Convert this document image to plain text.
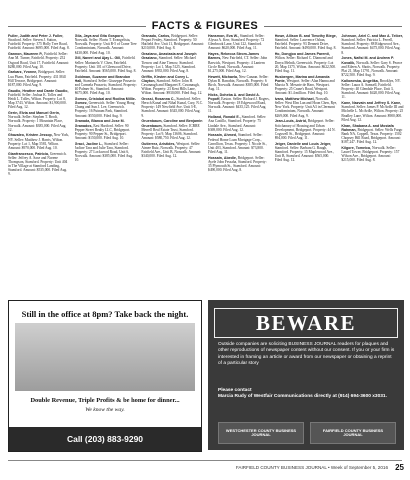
FACTS & FIGURES
Fuller, Judith and Peter J. Fuller, Stratford. Seller: Steven J. Sutton, Fairfield. Property: 375 Holly Tree Road, Fairfield. Amount: $695,000. Filed Aug. 8.
Gannon, Maureen P., Fairfield. Seller: Ann M. Turner, Fairfield. Property: 252 Osgood Road, Unit 17, Fairfield. Amount: $280,000. Filed Aug. 10.
Garbarz, Yvonne, Bridgeport. Seller: Luu Pham, Fairfield. Property: 431 Mill Hill Terrace, Bridgeport. Amount: $187,000. Filed Aug. 9.
Gaudio, Heather and Dante Gaudio, Fairfield. Seller: Joshua K. Tolles and Heidi L. Tolles, Wilton. Property: Lot 8, Map 3743, Wilton. Amount: $1,900,000. Filed Aug. 12.
Gerin, Elvia and Manuel Gerin, Norwalk. Seller: Stephen T. Brodt, Norwalk. Property: 1 Mountain Place, Norwalk. Amount: $385,000. Filed Aug. 12.
Ghazaleo, Kristen Jessop, New York, NY. Seller: Matthew J. Harris, Wilton. Property: Lot 1, Map 5581, Wilton. Amount: $970,000. Filed Aug. 10.
Gianfrancesco, Patricia, Greenwich. Seller: Jeffrey A. Saxe and Norene Thompson, Stamford. Property: Unit 404 in The Village at Stamford Landing, Stamford. Amount: $535,000. Filed Aug. 9.
Gila, Jaya and Gita Gosporo, Norwalk. Seller: Florin T. Evangelista, Norwalk. Property: Unit B-5 of Crane Tree Condominium, Norwalk. Amount: $430,000. Filed Aug. 10.
Gill, Naveri and Ajay L. Gill, Fairfield. Seller: Marianela V. Chen, Fairfield. Property: Unit 101 of Glenwood Drive, Fairfield. Amount: $565,000. Filed Aug. 8.
Goldman, Suzanne and Brandon Hall, Stamford. Seller: Giuseppe Prusavio and Carmela Prusavio, Stamford. Property: 40 Palmer St., Stamford. Amount: $675,000. Filed Aug. 10.
Gomez, Cristobal and Rodina Millie-Gomez, Greenwich. Seller: Young Hong Chung and Sun J. Lee, Greenwich. Property: 16 Putnam Park, Stamford. Amount: $550,000. Filed Aug. 9.
Granada, Blanca and Jose M. Granados, East Hartford. Seller: 90 Pepper Street Realty LLC, Bridgeport. Property: 90 Pepper St., Bridgeport. Amount: $150,000. Filed Aug. 10.
Graci, Jacline L., Stamford. Seller: Jacline Tara and Julie Tara, Stamford. Property: 27 Lockwood Road, Unit 6, Norwalk. Amount: $385,000. Filed Aug. 10.
Granado, Carlos, Bridgeport. Seller: Pequot Fenley, Stamford. Property: 50 Hatfield Ave. Unit 11, Bridgeport. Amount: $210,000. Filed Aug. 8.
Graziano, Anastasia and Joseph Graziano, Stamford. Seller: Michael Tienow and Aine Tienow, Stamford. Property: Lot 1, Map 5125, Stamford. Amount: $935,000. Filed Aug. 8.
Griffin, Kirsten and Corey L. Clayton, Stamford. Seller: John H. Cavanaugh and Margaret E. Cavanaugh, Wilton. Property: 23 Kent Hills Lane, Wilton. Amount: $930,000. Filed Aug. 12.
Grossi, Rosanna C., Stamford. Seller: Hersch Kunal and Nihal Kunal, Cary, N.C. Property: 149 Newfield Ave. Unit 3-E, Stamford. Amount: $345,000. Filed Aug. 9.
Gruenbaum, Caroline and Benjamin Gruenbaum, Stamford. Seller: JCBRE Merrell Real Estate Trust, Stamford. Property: Lot 9, Map 13606, Stamford. Amount: $580,750. Filed Aug. 12.
Gutierrez, Aristides, Westport. Seller: Aimee Ruiz, Norwalk. Property: 47 Fairfield Ave., Unit B, Norwalk. Amount: $340,000. Filed Aug. 12.
Hansmon, Eva W., Stamford. Seller: Alyssa A. Kerr, Stamford. Property: 72 Glenbrook Lane, Unit 122, Stamford. Amount: $620,000. Filed Aug. 11.
Hayes, Rebecca Strom-James Barnes, New Fairfield, CT. Seller: John Barwick, Westport. Property: 4 Lantern Circle Road, Norwalk. Amount: $1,275,000. Filed Aug. 12.
Hewett, Michaela, New Canaan. Seller: Dylan B. Barrabin, Norwalk. Property: 6 Birch, Norwalk. Amount: $385,000. Filed Aug. 11.
Hicks, Doheba A. and David A. Popoff, Easton. Seller: Richard J. Rogers, Norwalk. Property: 18 Edgewood Road, Norwalk. Amount: $435,125. Filed Aug. 11.
Holland, Ronald E., Stamford. Seller: Ana Castillo, Stamford. Property: 75 Lindale Ave., Stamford. Amount: $369,000. Filed Aug. 12.
Hossain, Ahmed, Stamford. Seller: Federal Home Loan Mortgage Corp., Carrollton, Texas. Property: 1 Nicole St., Unit 403, Stamford. Amount: $73,800. Filed Aug. 11.
Hossain, Abedle, Bridgeport. Seller: Ayele John Fessaha, Stamford. Property: 35 Plymouth St., Stamford. Amount: $490,000. Filed Aug. 8.
Howe, Allison B. and Timothy Biege, Stamford. Seller: Lawrence Oshan, Fairfield. Property: 93 Dennett Drive, Fairfield. Amount: $490,000. Filed Aug. 8.
Ho, Dongjoo and James Parenti, Wilton. Seller: Richard C. Diamond and Darya Melnik, Greenwich. Property: Lot 20, Map 1375, Wilton. Amount: $622,500. Filed Aug. 11.
Husbergen, Marina and Amanda Ponte, Westport. Seller: Alan Hanna and Marcia N. Mesarie de Haro, Westport. Property: 25 Crane's Road, Westport. Amount: $1.4 million. Filed Aug. 10.
Ivara, Matthew Michael, Norwalk. Seller: West Elm Lan and Hoon Chen, Rye, New York. Property: Unit A3 in Clermont Condominium, Norwalk. Amount: $269,000. Filed Aug. 9.
Jean-Louis, Astrid, Bridgeport. Seller: Scitchanary of Housing and Urban Development, Bridgeport. Property: 44 N. Cogswell St., Bridgeport. Amount: $94,000. Filed Aug. 11.
Jeiger, Danielle and Louis Jeiger, Stamford. Seller: Barbara G. Baugh, Stamford. Property: 15 Maplewood Ave., Unit B, Stamford. Amount: $565,000. Filed Aug. 12.
Johnson, Ariel C. and Max A. Teiber, Stamford. Seller: Patricia L. Ferrell, Stamford. Property: 88 Ridgewood Ave., Stamford. Amount: $475,000. Filed Aug. 8.
Jones, Nafisi M. and Andrew P. Kovalik, Norwalk. Seller: Gary S. Pearce and Eileen A. Shotts, Norwalk. Property: Plat 21, Map 11791, Norwalk. Amount: $722,500. Filed Aug. 9.
Kalloweska, Angelika, Brooklyn, NY. Seller: Laura A. Samsell, Fairfield. Property: 40 Glendale Place, Unit 3, Stamford. Amount: $420,000. Filed Aug. 11.
Kane, Nazvain and Jeffrey S. Kane, Stamford. Seller: James P. McArdle III and Michelle L. McArdle, Wilton. Property: 25 Bradley Lane, Wilton. Amount: $900,000. Filed Aug. 12.
Khan, Shabana A. and Mostafa Rahman, Bridgeport. Seller: Wells Fargo Bank NA, Coppell, Texas. Property: 1502 Chopsey Hill Road, Bridgeport. Amount: $187,247. Filed Aug. 12.
Kilgore, Tomeica, Norwalk. Seller: Laurel Tower, Bridgeport. Property: 157 Wilson Ave., Bridgeport. Amount: $215,000. Filed Aug. 8.
Still in the office at 8pm? Take back the night.
Double Revenue, Triple Profits & be home for dinner...
We know the way.
Call (203) 883-9290
BEWARE
Outside companies are soliciting BUSINESS JOURNAL readers for plaques and other reproductions of newspaper content without our consent. If you or your firm is interested in framing an article or award from our newspaper or obtaining a reprint of a particular story
Please contact
Marcia Rudy of Westfair Communications directly at (914) 694-3600 x3031.
WESTCHESTER COUNTY BUSINESS JOURNAL
FAIRFIELD COUNTY BUSINESS JOURNAL
FAIRFIELD COUNTY BUSINESS JOURNAL • Week of September 5, 2016 25
